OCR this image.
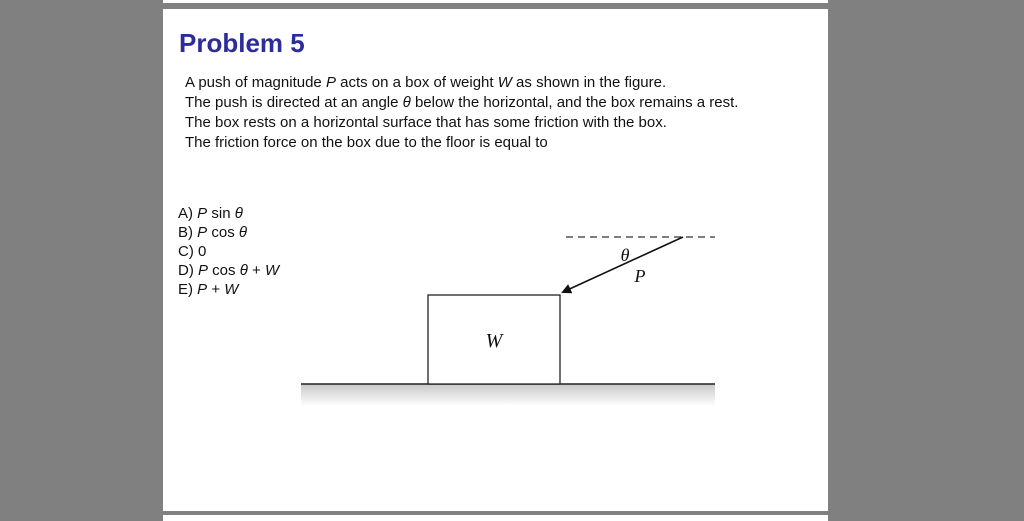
Problem 5
A push of magnitude P acts on a box of weight W as shown in the figure.
The push is directed at an angle θ below the horizontal, and the box remains a rest.
The box rests on a horizontal surface that has some friction with the box.
The friction force on the box due to the floor is equal to
A) P sin θ
B) P cos θ
C) 0
D) P cos θ + W
E) P + W
W
θ
P
